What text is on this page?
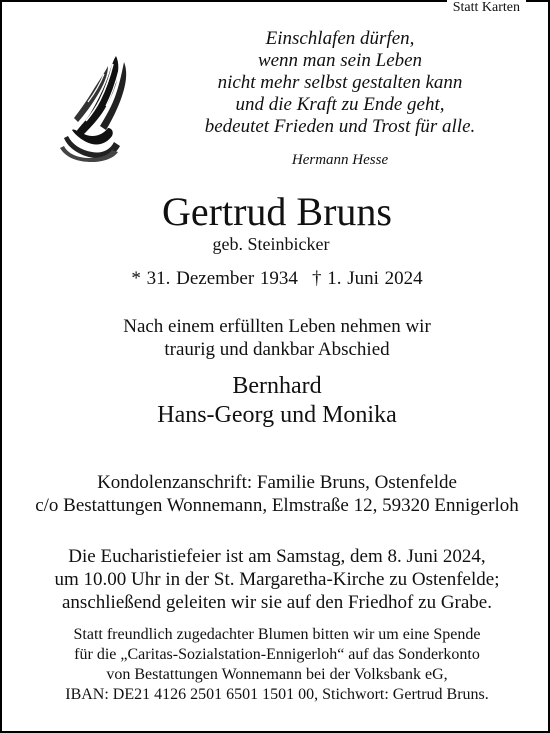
Statt Karten
Einschlafen dürfen,
wenn man sein Leben
nicht mehr selbst gestalten kann
und die Kraft zu Ende geht,
bedeutet Frieden und Trost für alle.
Hermann Hesse
Gertrud Bruns
geb. Steinbicker
* 31. Dezember 1934 † 1. Juni 2024
Nach einem erfüllten Leben nehmen wir
traurig und dankbar Abschied
Bernhard
Hans-Georg und Monika
Kondolenzanschrift: Familie Bruns, Ostenfelde
c/o Bestattungen Wonnemann, Elmstraße 12, 59320 Ennigerloh
Die Eucharistiefeier ist am Samstag, dem 8. Juni 2024,
um 10.00 Uhr in der St. Margaretha-Kirche zu Ostenfelde;
anschließend geleiten wir sie auf den Friedhof zu Grabe.
Statt freundlich zugedachter Blumen bitten wir um eine Spende
für die „Caritas-Sozialstation-Ennigerloh“ auf das Sonderkonto
von Bestattungen Wonnemann bei der Volksbank eG,
IBAN: DE21 4126 2501 6501 1501 00, Stichwort: Gertrud Bruns.
